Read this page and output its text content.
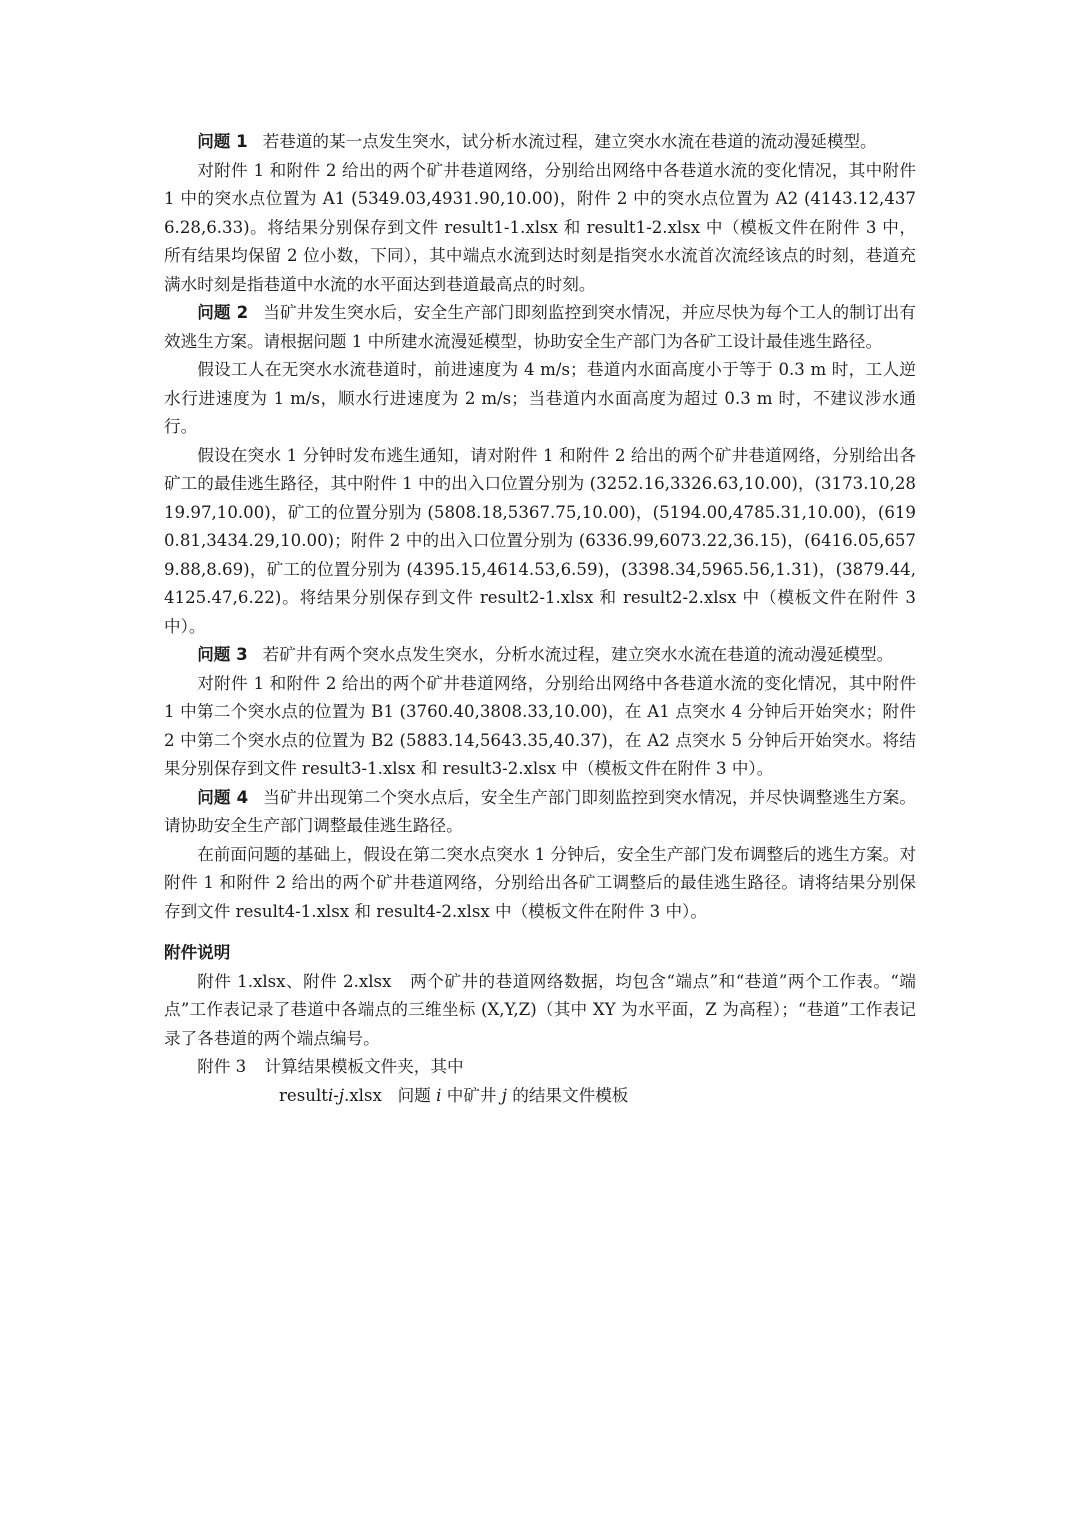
问题 1 若巷道的某一点发生突水，试分析水流过程，建立突水水流在巷道的流动漫延模型。

对附件 1 和附件 2 给出的两个矿井巷道网络，分别给出网络中各巷道水流的变化情况，其中附件 1 中的突水点位置为 A1 (5349.03,4931.90,10.00)，附件 2 中的突水点位置为 A2 (4143.12,4376.28,6.33)。将结果分别保存到文件 result1-1.xlsx 和 result1-2.xlsx 中（模板文件在附件 3 中，所有结果均保留 2 位小数，下同），其中端点水流到达时刻是指突水水流首次流经该点的时刻，巷道充满水时刻是指巷道中水流的水平面达到巷道最高点的时刻。

问题 2 当矿井发生突水后，安全生产部门即刻监控到突水情况，并应尽快为每个工人的制订出有效逃生方案。请根据问题 1 中所建水流漫延模型，协助安全生产部门为各矿工设计最佳逃生路径。

假设工人在无突水水流巷道时，前进速度为 4 m/s；巷道内水面高度小于等于 0.3 m 时，工人逆水行进速度为 1 m/s，顺水行进速度为 2 m/s；当巷道内水面高度为超过 0.3 m 时，不建议涉水通行。

假设在突水 1 分钟时发布逃生通知，请对附件 1 和附件 2 给出的两个矿井巷道网络，分别给出各矿工的最佳逃生路径，其中附件 1 中的出入口位置分别为 (3252.16,3326.63,10.00)，(3173.10,2819.97,10.00)，矿工的位置分别为 (5808.18,5367.75,10.00)，(5194.00,4785.31,10.00)，(6190.81,3434.29,10.00)；附件 2 中的出入口位置分别为 (6336.99,6073.22,36.15)，(6416.05,6579.88,8.69)，矿工的位置分别为 (4395.15,4614.53,6.59)，(3398.34,5965.56,1.31)，(3879.44,4125.47,6.22)。将结果分别保存到文件 result2-1.xlsx 和 result2-2.xlsx 中（模板文件在附件 3 中）。

问题 3 若矿井有两个突水点发生突水，分析水流过程，建立突水水流在巷道的流动漫延模型。

对附件 1 和附件 2 给出的两个矿井巷道网络，分别给出网络中各巷道水流的变化情况，其中附件 1 中第二个突水点的位置为 B1 (3760.40,3808.33,10.00)，在 A1 点突水 4 分钟后开始突水；附件 2 中第二个突水点的位置为 B2 (5883.14,5643.35,40.37)，在 A2 点突水 5 分钟后开始突水。将结果分别保存到文件 result3-1.xlsx 和 result3-2.xlsx 中（模板文件在附件 3 中）。

问题 4 当矿井出现第二个突水点后，安全生产部门即刻监控到突水情况，并尽快调整逃生方案。请协助安全生产部门调整最佳逃生路径。

在前面问题的基础上，假设在第二突水点突水 1 分钟后，安全生产部门发布调整后的逃生方案。对附件 1 和附件 2 给出的两个矿井巷道网络，分别给出各矿工调整后的最佳逃生路径。请将结果分别保存到文件 result4-1.xlsx 和 result4-2.xlsx 中（模板文件在附件 3 中）。

附件说明

附件 1.xlsx、附件 2.xlsx 两个矿井的巷道网络数据，均包含“端点”和“巷道”两个工作表。“端点”工作表记录了巷道中各端点的三维坐标 (X,Y,Z)（其中 XY 为水平面，Z 为高程）；“巷道”工作表记录了各巷道的两个端点编号。

附件 3 计算结果模板文件夹，其中

resulti-j.xlsx 问题 i 中矿井 j 的结果文件模板
